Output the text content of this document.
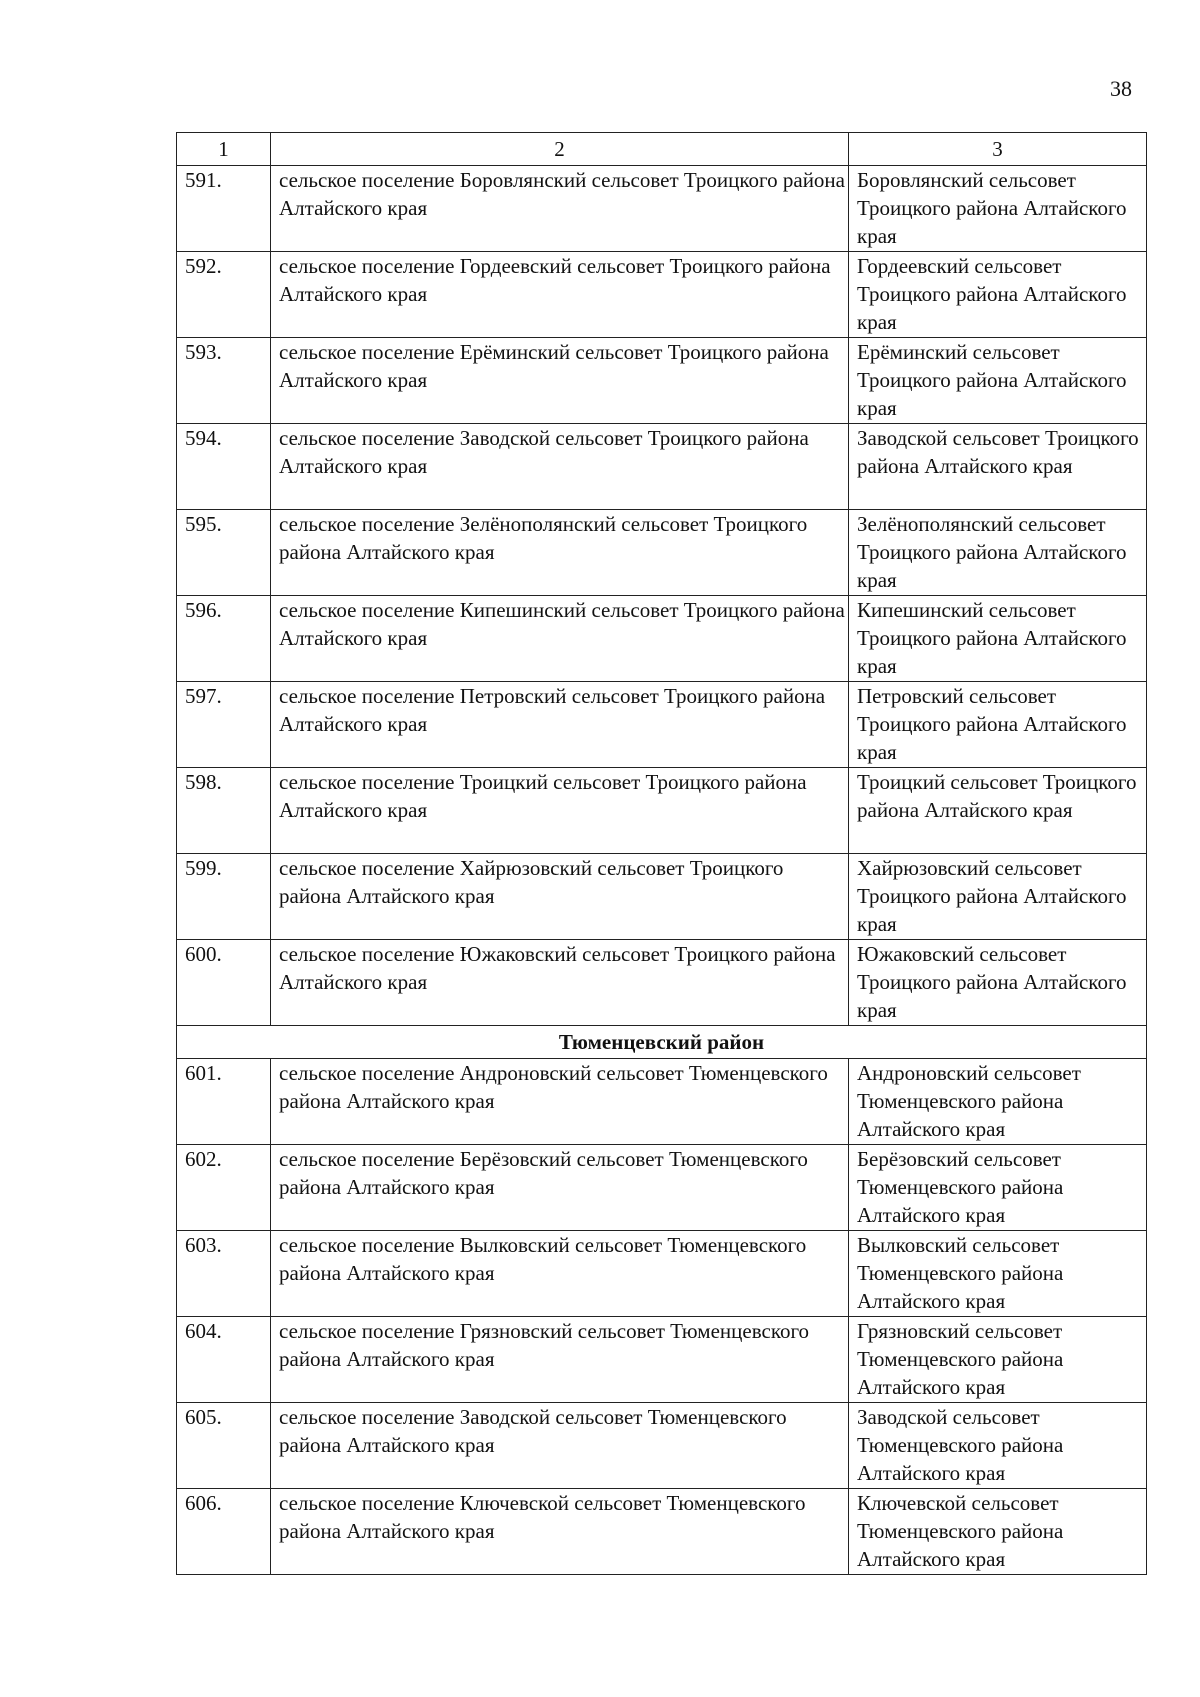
38
1	2	3
591.	сельское поселение Боровлянский сельсовет Троицкого района Алтайского края	Боровлянский сельсовет Троицкого района Алтайского края
592.	сельское поселение Гордеевский сельсовет Троицкого района Алтайского края	Гордеевский сельсовет Троицкого района Алтайского края
593.	сельское поселение Ерёминский сельсовет Троицкого района Алтайского края	Ерёминский сельсовет Троицкого района Алтайского края
594.	сельское поселение Заводской сельсовет Троицкого района Алтайского края	Заводской сельсовет Троицкого района Алтайского края
595.	сельское поселение Зелёнополянский сельсовет Троицкого района Алтайского края	Зелёнополянский сельсовет Троицкого района Алтайского края
596.	сельское поселение Кипешинский сельсовет Троицкого района Алтайского края	Кипешинский сельсовет Троицкого района Алтайского края
597.	сельское поселение Петровский сельсовет Троицкого района Алтайского края	Петровский сельсовет Троицкого района Алтайского края
598.	сельское поселение Троицкий сельсовет Троицкого района Алтайского края	Троицкий сельсовет Троицкого района Алтайского края
599.	сельское поселение Хайрюзовский сельсовет Троицкого района Алтайского края	Хайрюзовский сельсовет Троицкого района Алтайского края
600.	сельское поселение Южаковский сельсовет Троицкого района Алтайского края	Южаковский сельсовет Троицкого района Алтайского края
Тюменцевский район		
601.	сельское поселение Андроновский сельсовет Тюменцевского района Алтайского края	Андроновский сельсовет Тюменцевского района Алтайского края
602.	сельское поселение Берёзовский сельсовет Тюменцевского района Алтайского края	Берёзовский сельсовет Тюменцевского района Алтайского края
603.	сельское поселение Вылковский сельсовет Тюменцевского района Алтайского края	Вылковский сельсовет Тюменцевского района Алтайского края
604.	сельское поселение Грязновский сельсовет Тюменцевского района Алтайского края	Грязновский сельсовет Тюменцевского района Алтайского края
605.	сельское поселение Заводской сельсовет Тюменцевского района Алтайского края	Заводской сельсовет Тюменцевского района Алтайского края
606.	сельское поселение Ключевской сельсовет Тюменцевского района Алтайского края	Ключевской сельсовет Тюменцевского района Алтайского края
